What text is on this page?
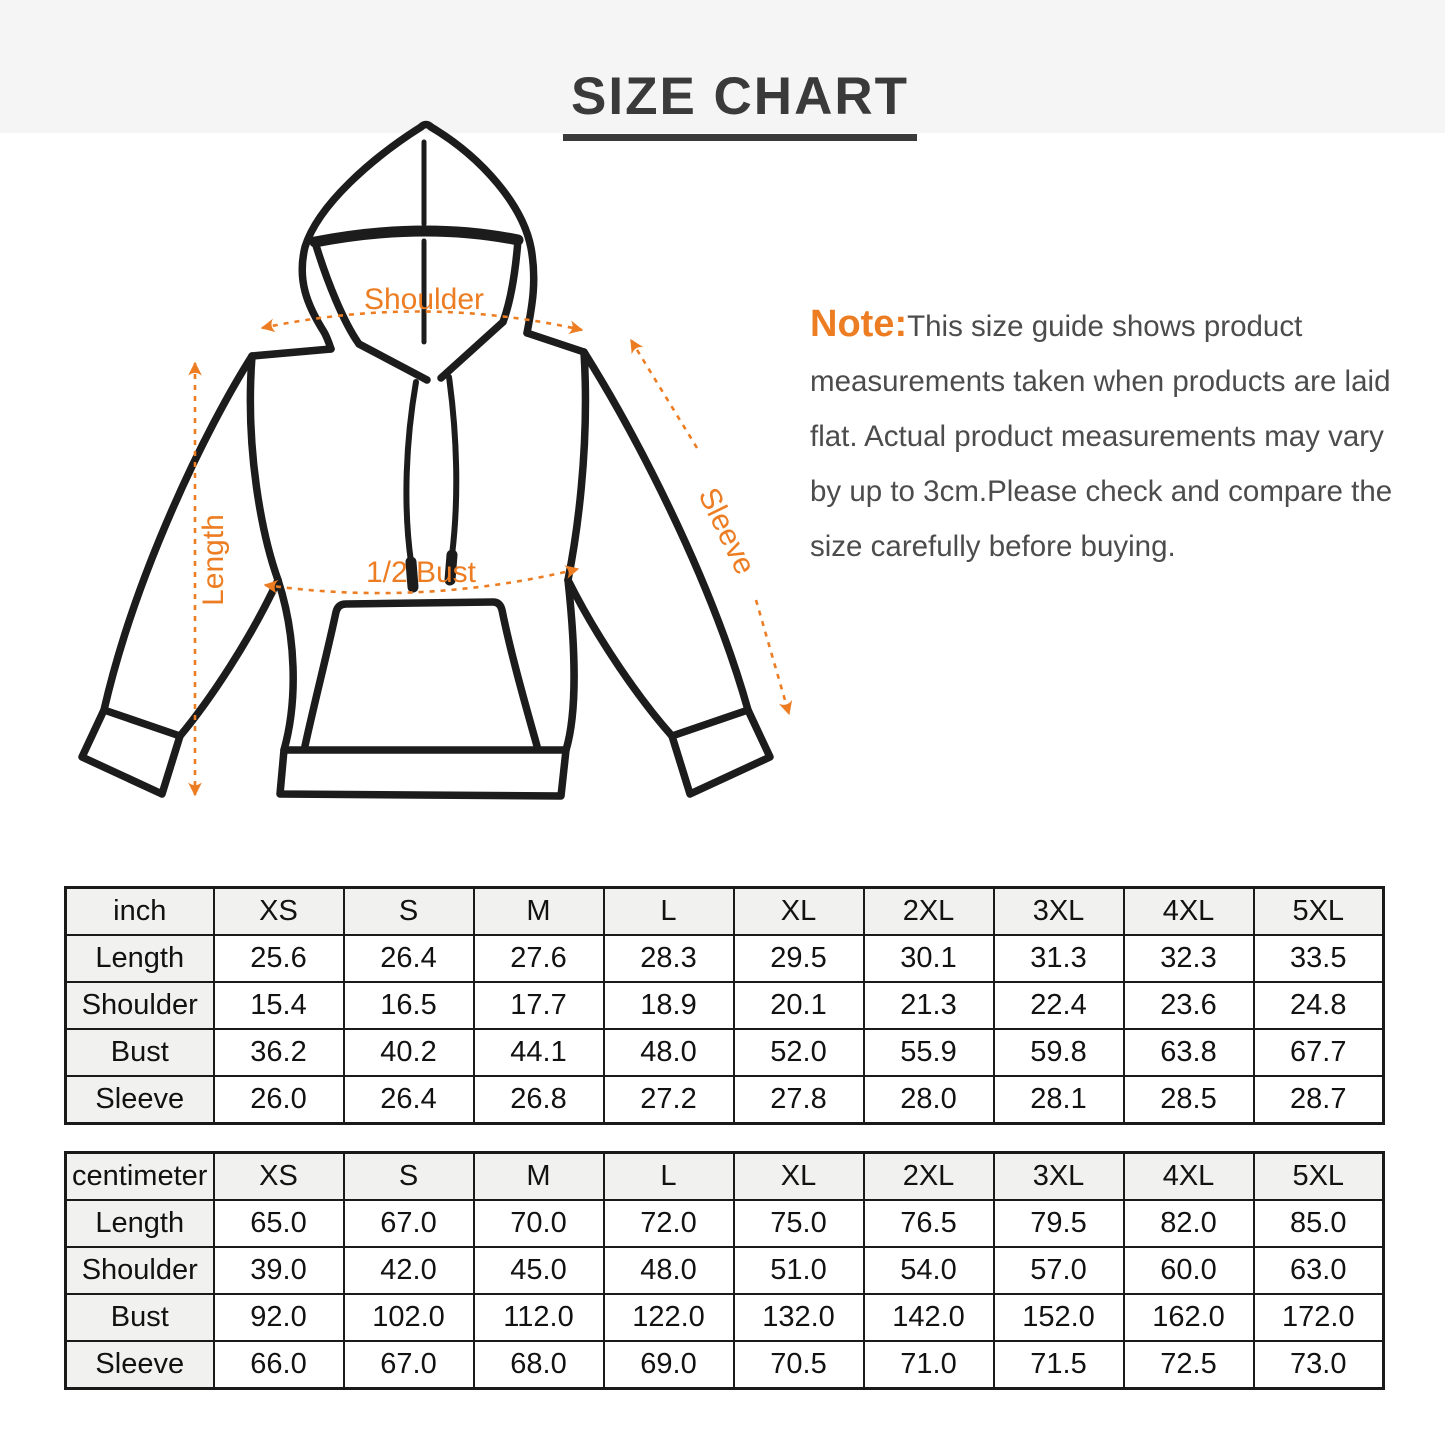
SIZE CHART
Shoulder
Length	1/2 Bust	Sleeve
Note:This size guide shows product measurements taken when products are laid flat. Actual product measurements may vary by up to 3cm.Please check and compare the size carefully before buying.
inch	XS	S	M	L	XL	2XL	3XL	4XL	5XL
Length	25.6	26.4	27.6	28.3	29.5	30.1	31.3	32.3	33.5
Shoulder	15.4	16.5	17.7	18.9	20.1	21.3	22.4	23.6	24.8
Bust	36.2	40.2	44.1	48.0	52.0	55.9	59.8	63.8	67.7
Sleeve	26.0	26.4	26.8	27.2	27.8	28.0	28.1	28.5	28.7
centimeter	XS	S	M	L	XL	2XL	3XL	4XL	5XL
Length	65.0	67.0	70.0	72.0	75.0	76.5	79.5	82.0	85.0
Shoulder	39.0	42.0	45.0	48.0	51.0	54.0	57.0	60.0	63.0
Bust	92.0	102.0	112.0	122.0	132.0	142.0	152.0	162.0	172.0
Sleeve	66.0	67.0	68.0	69.0	70.5	71.0	71.5	72.5	73.0
